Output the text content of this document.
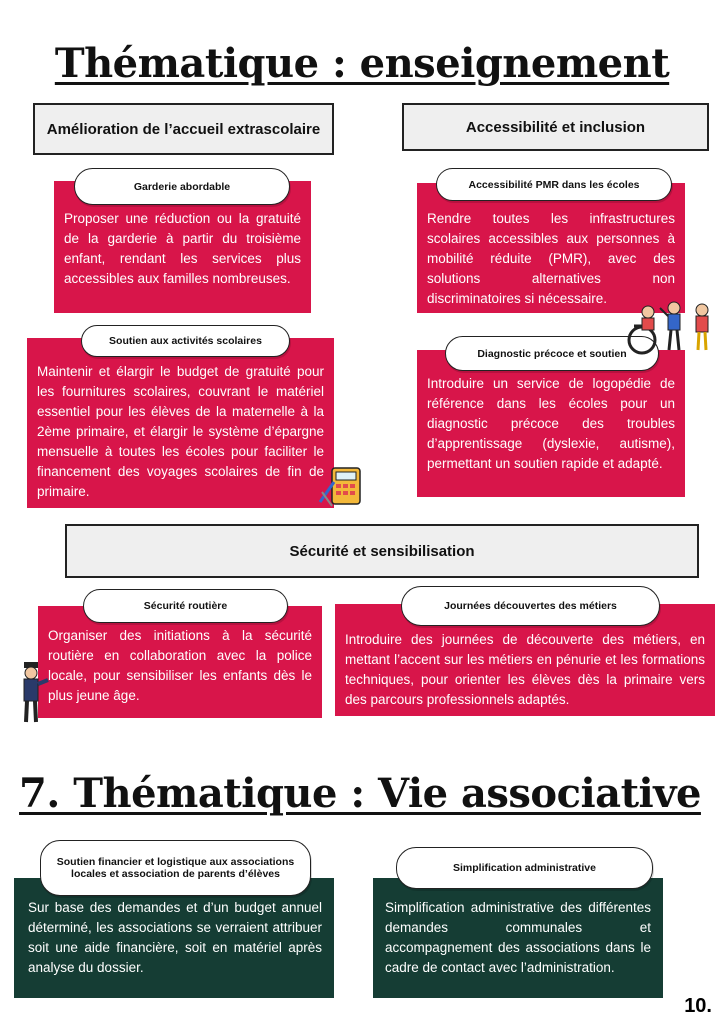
Thématique : enseignement
Amélioration de l’accueil extrascolaire	Accessibilité et inclusion
Proposer une réduction ou la gratuité de la garderie à partir du troisième enfant, rendant les services plus accessibles aux familles nombreuses.
Garderie abordable
Rendre toutes les infrastructures scolaires accessibles aux personnes à mobilité réduite (PMR), avec des solutions alternatives non discriminatoires si nécessaire.
Accessibilité PMR dans les écoles
Maintenir et élargir le budget de gratuité pour les fournitures scolaires, couvrant le matériel essentiel pour les élèves de la maternelle à la 2ème primaire, et élargir le système d’épargne mensuelle à toutes les écoles pour faciliter le financement des voyages scolaires de fin de primaire.
Soutien aux activités scolaires
Introduire un service de logopédie de référence dans les écoles pour un diagnostic précoce des troubles d’apprentissage (dyslexie, autisme), permettant un soutien rapide et adapté.
Diagnostic précoce et soutien
Sécurité et sensibilisation
Organiser des initiations à la sécurité routière en collaboration avec la police locale, pour sensibiliser les enfants dès le plus jeune âge.
Sécurité routière
Introduire des journées de découverte des métiers, en mettant l’accent sur les métiers en pénurie et les formations techniques, pour orienter les élèves dès la primaire vers des parcours professionnels adaptés.
Journées découvertes des métiers
7. Thématique : Vie associative
Sur base des demandes et d’un budget annuel déterminé, les associations se verraient attribuer soit une aide financière, soit en matériel après analyse du dossier.
Soutien financier et logistique aux associations locales et association de parents d’élèves
Simplification administrative des différentes demandes communales et accompagnement des associations dans le cadre de contact avec l’administration.
Simplification administrative
10.
